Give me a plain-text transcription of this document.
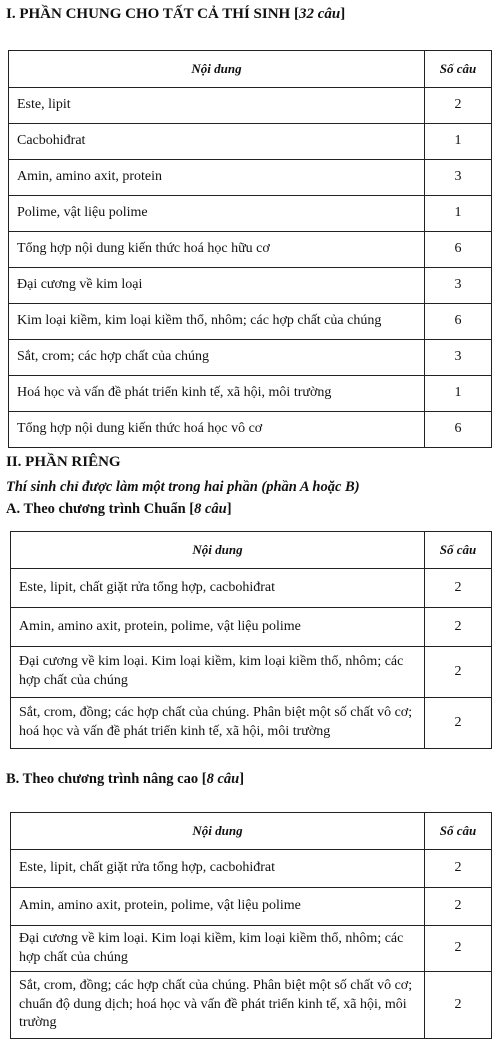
I. PHẦN CHUNG CHO TẤT CẢ THÍ SINH [32 câu]
Nội dung	Số câu
Este, lipit	2
Cacbohiđrat	1
Amin, amino axit, protein	3
Polime, vật liệu polime	1
Tổng hợp nội dung kiến thức hoá học hữu cơ	6
Đại cương về kim loại	3
Kim loại kiềm, kim loại kiềm thổ, nhôm; các hợp chất của chúng	6
Sắt, crom; các hợp chất của chúng	3
Hoá học và vấn đề phát triển kinh tế, xã hội, môi trường	1
Tổng hợp nội dung kiến thức hoá học vô cơ	6
II. PHẦN RIÊNG
Thí sinh chỉ được làm một trong hai phần (phần A hoặc B)
A. Theo chương trình Chuẩn [8 câu]
Nội dung	Số câu
Este, lipit, chất giặt rửa tổng hợp, cacbohiđrat	2
Amin, amino axit, protein, polime, vật liệu polime	2
Đại cương về kim loại. Kim loại kiềm, kim loại kiềm thổ, nhôm; các hợp chất của chúng	2
Sắt, crom, đồng; các hợp chất của chúng. Phân biệt một số chất vô cơ; hoá học và vấn đề phát triển kinh tế, xã hội, môi trường	2
B. Theo chương trình nâng cao [8 câu]
Nội dung	Số câu
Este, lipit, chất giặt rửa tổng hợp, cacbohiđrat	2
Amin, amino axit, protein, polime, vật liệu polime	2
Đại cương về kim loại. Kim loại kiềm, kim loại kiềm thổ, nhôm; các hợp chất của chúng	2
Sắt, crom, đồng; các hợp chất của chúng. Phân biệt một số chất vô cơ; chuẩn độ dung dịch; hoá học và vấn đề phát triển kinh tế, xã hội, môi trường	2
